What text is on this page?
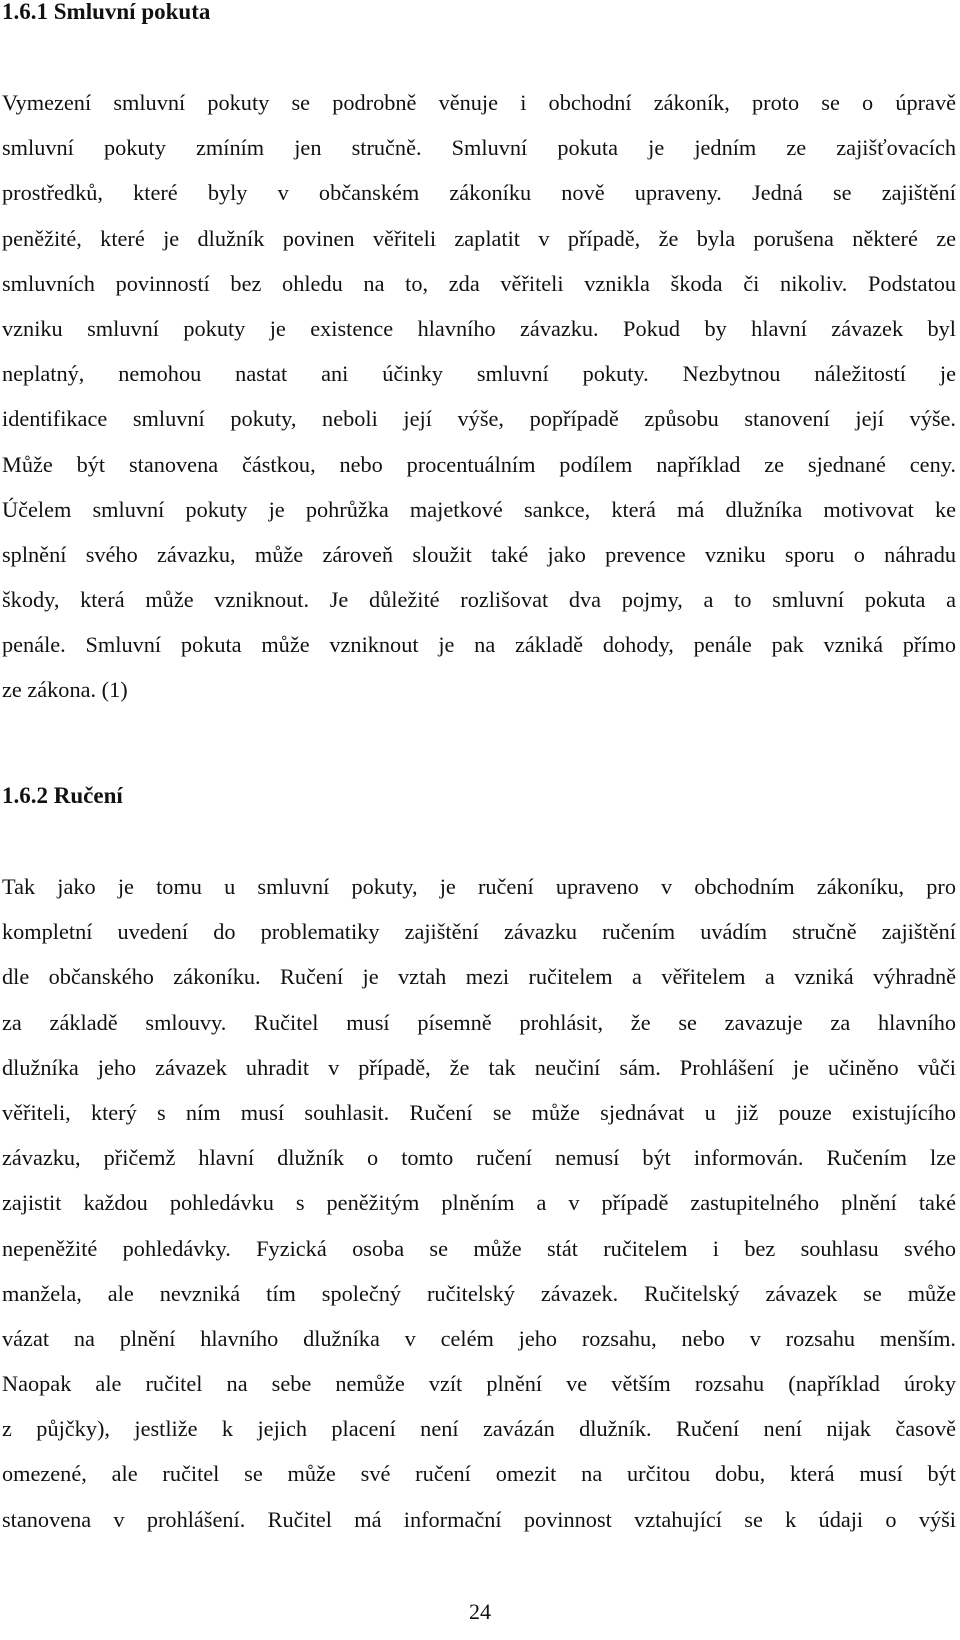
1.6.1 Smluvní pokuta
Vymezení smluvní pokuty se podrobně věnuje i obchodní zákoník, proto se o úpravě
smluvní pokuty zmíním jen stručně. Smluvní pokuta je jedním ze zajišťovacích
prostředků, které byly v občanském zákoníku nově upraveny. Jedná se zajištění
peněžité, které je dlužník povinen věřiteli zaplatit v případě, že byla porušena některé ze
smluvních povinností bez ohledu na to, zda věřiteli vznikla škoda či nikoliv. Podstatou
vzniku smluvní pokuty je existence hlavního závazku. Pokud by hlavní závazek byl
neplatný, nemohou nastat ani účinky smluvní pokuty. Nezbytnou náležitostí je
identifikace smluvní pokuty, neboli její výše, popřípadě způsobu stanovení její výše.
Může být stanovena částkou, nebo procentuálním podílem například ze sjednané ceny.
Účelem smluvní pokuty je pohrůžka majetkové sankce, která má dlužníka motivovat ke
splnění svého závazku, může zároveň sloužit také jako prevence vzniku sporu o náhradu
škody, která může vzniknout. Je důležité rozlišovat dva pojmy, a to smluvní pokuta a
penále. Smluvní pokuta může vzniknout je na základě dohody, penále pak vzniká přímo
ze zákona. (1)
1.6.2 Ručení
Tak jako je tomu u smluvní pokuty, je ručení upraveno v obchodním zákoníku, pro
kompletní uvedení do problematiky zajištění závazku ručením uvádím stručně zajištění
dle občanského zákoníku. Ručení je vztah mezi ručitelem a věřitelem a vzniká výhradně
za základě smlouvy. Ručitel musí písemně prohlásit, že se zavazuje za hlavního
dlužníka jeho závazek uhradit v případě, že tak neučiní sám. Prohlášení je učiněno vůči
věřiteli, který s ním musí souhlasit. Ručení se může sjednávat u již pouze existujícího
závazku, přičemž hlavní dlužník o tomto ručení nemusí být informován. Ručením lze
zajistit každou pohledávku s peněžitým plněním a v případě zastupitelného plnění také
nepeněžité pohledávky. Fyzická osoba se může stát ručitelem i bez souhlasu svého
manžela, ale nevzniká tím společný ručitelský závazek. Ručitelský závazek se může
vázat na plnění hlavního dlužníka v celém jeho rozsahu, nebo v rozsahu menším.
Naopak ale ručitel na sebe nemůže vzít plnění ve větším rozsahu (například úroky
z půjčky), jestliže k jejich placení není zavázán dlužník. Ručení není nijak časově
omezené, ale ručitel se může své ručení omezit na určitou dobu, která musí být
stanovena v prohlášení. Ručitel má informační povinnost vztahující se k údaji o výši
24
